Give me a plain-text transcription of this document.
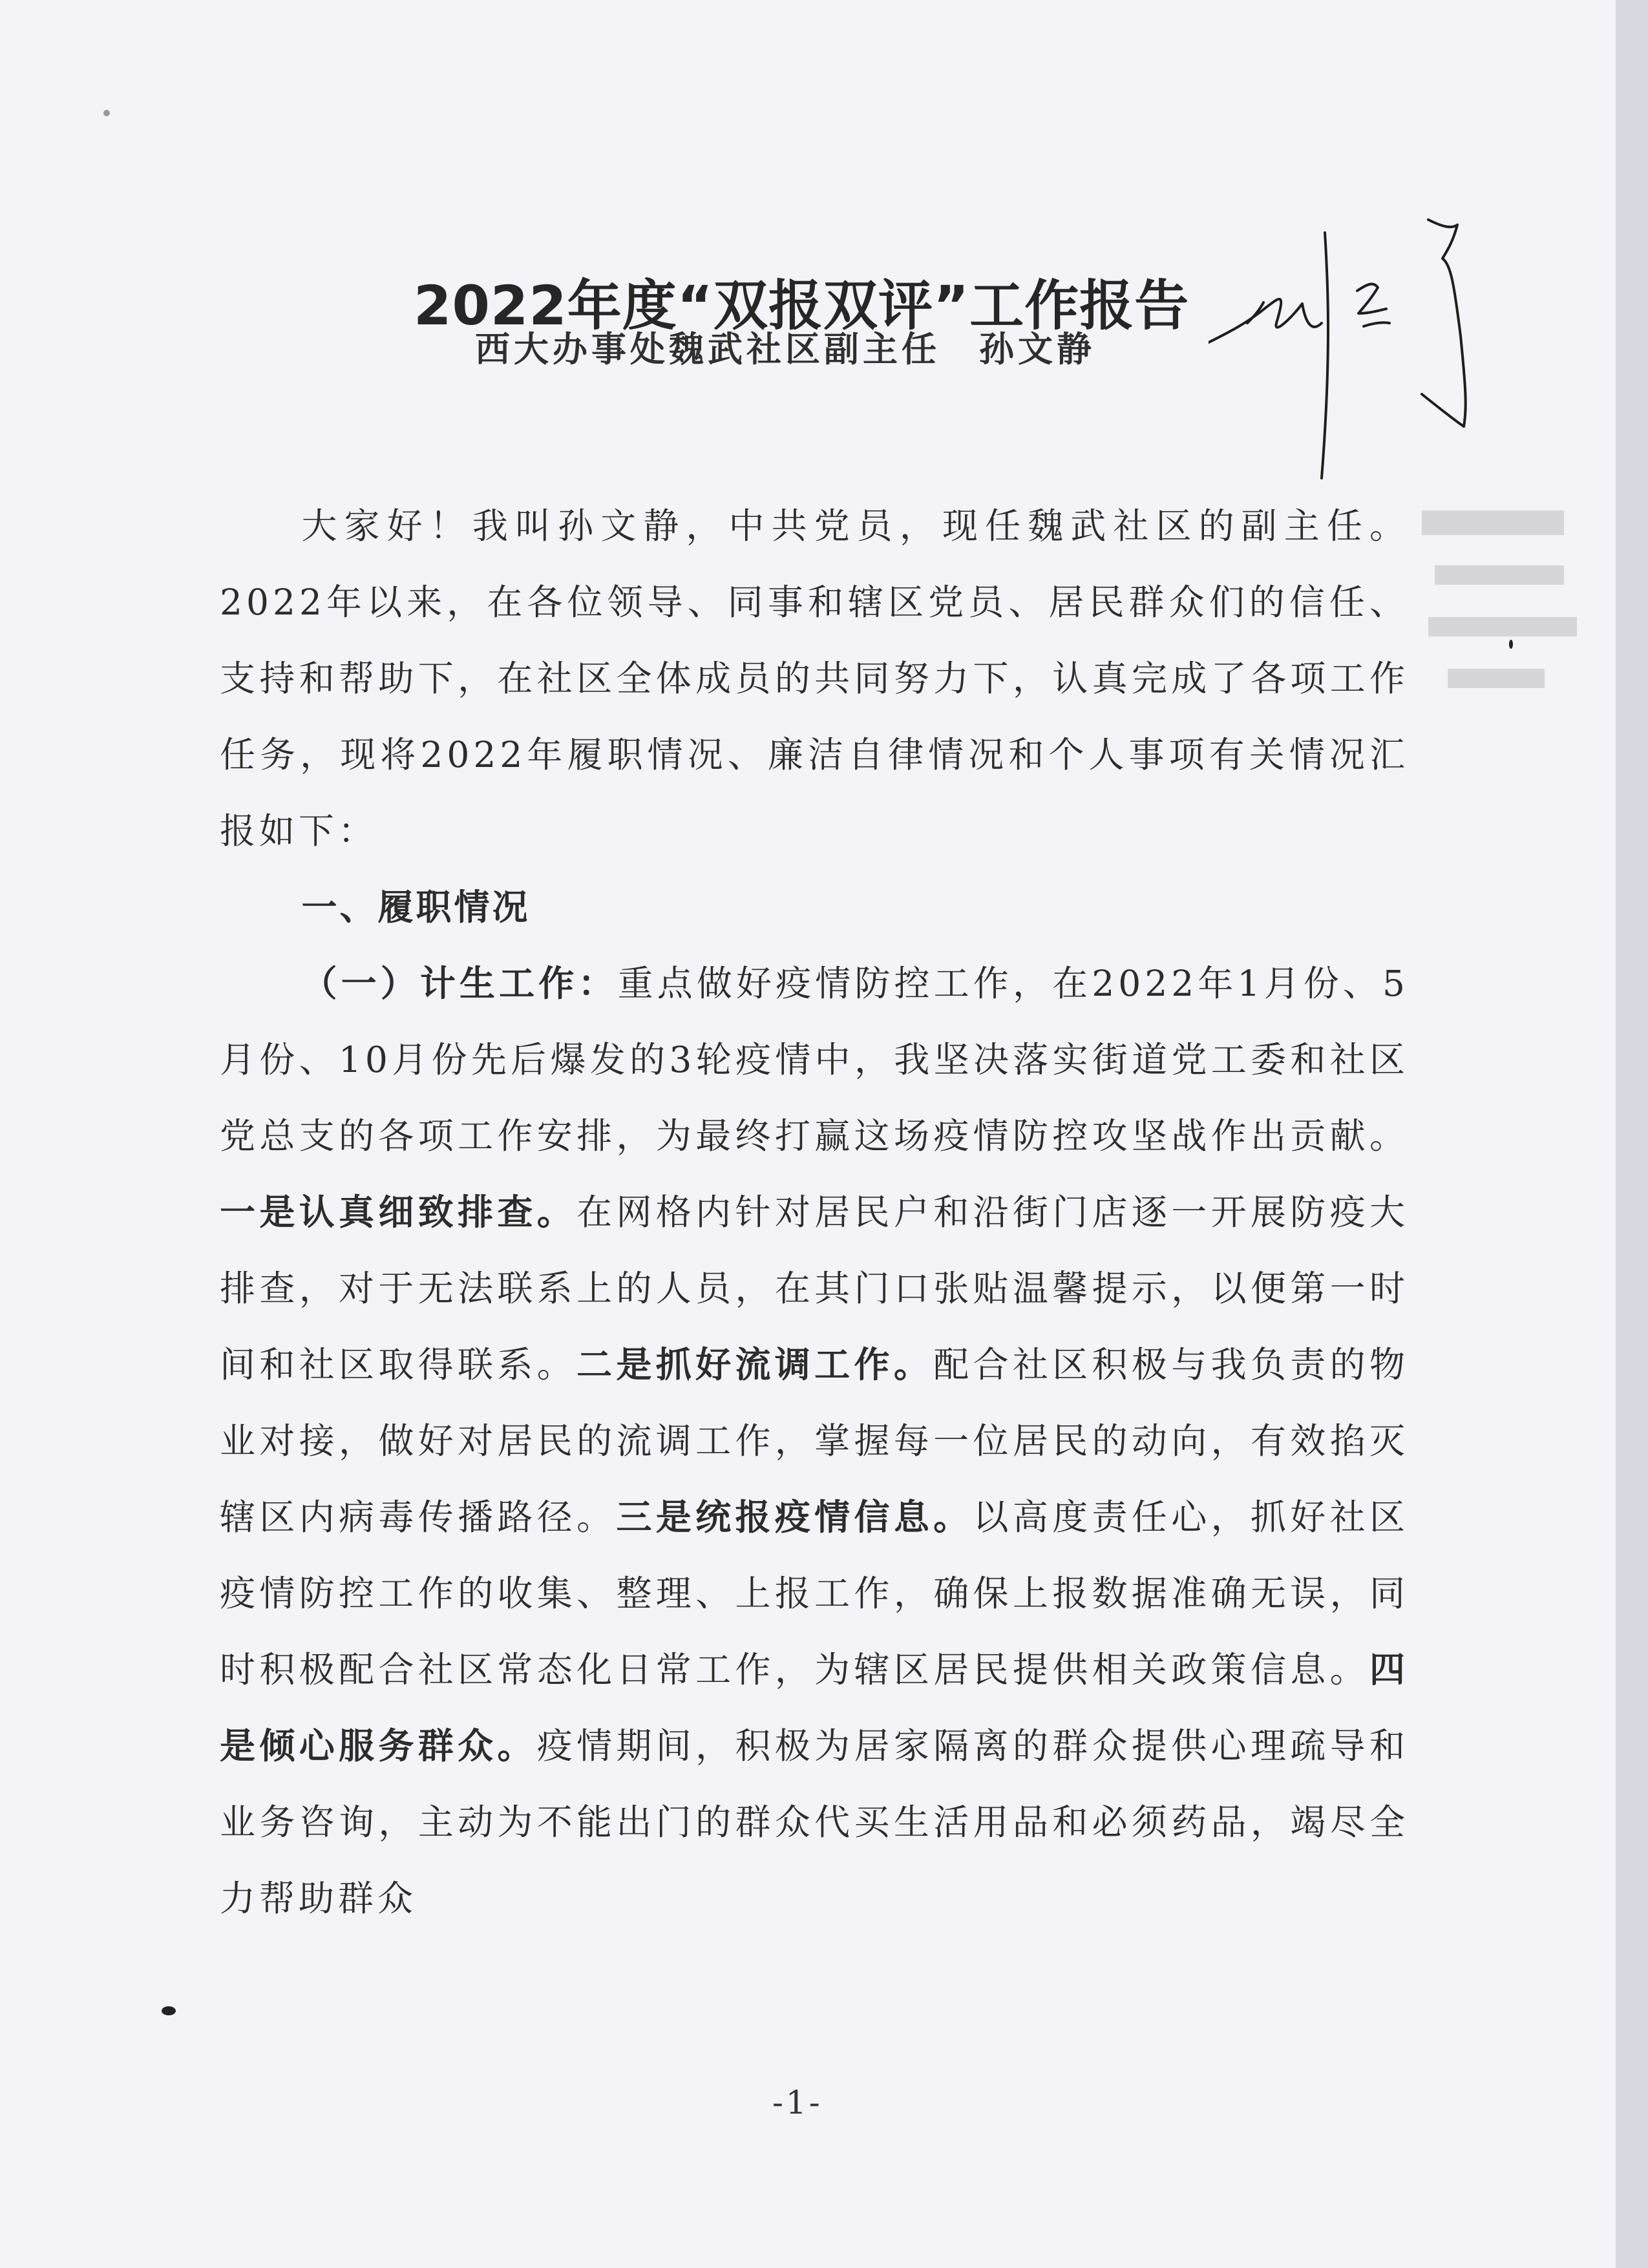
2022年度“双报双评”工作报告
西大办事处魏武社区副主任 孙文静

大家好！我叫孙文静，中共党员，现任魏武社区的副主任。2022年以来，在各位领导、同事和辖区党员、居民群众们的信任、支持和帮助下，在社区全体成员的共同努力下，认真完成了各项工作任务，现将2022年履职情况、廉洁自律情况和个人事项有关情况汇报如下：

一、履职情况

（一）计生工作：重点做好疫情防控工作，在2022年1月份、5月份、10月份先后爆发的3轮疫情中，我坚决落实街道党工委和社区党总支的各项工作安排，为最终打赢这场疫情防控攻坚战作出贡献。一是认真细致排查。在网格内针对居民户和沿街门店逐一开展防疫大排查，对于无法联系上的人员，在其门口张贴温馨提示，以便第一时间和社区取得联系。二是抓好流调工作。配合社区积极与我负责的物业对接，做好对居民的流调工作，掌握每一位居民的动向，有效掐灭辖区内病毒传播路径。三是统报疫情信息。以高度责任心，抓好社区疫情防控工作的收集、整理、上报工作，确保上报数据准确无误，同时积极配合社区常态化日常工作，为辖区居民提供相关政策信息。四是倾心服务群众。疫情期间，积极为居家隔离的群众提供心理疏导和业务咨询，主动为不能出门的群众代买生活用品和必须药品，竭尽全力帮助群众

-1-
